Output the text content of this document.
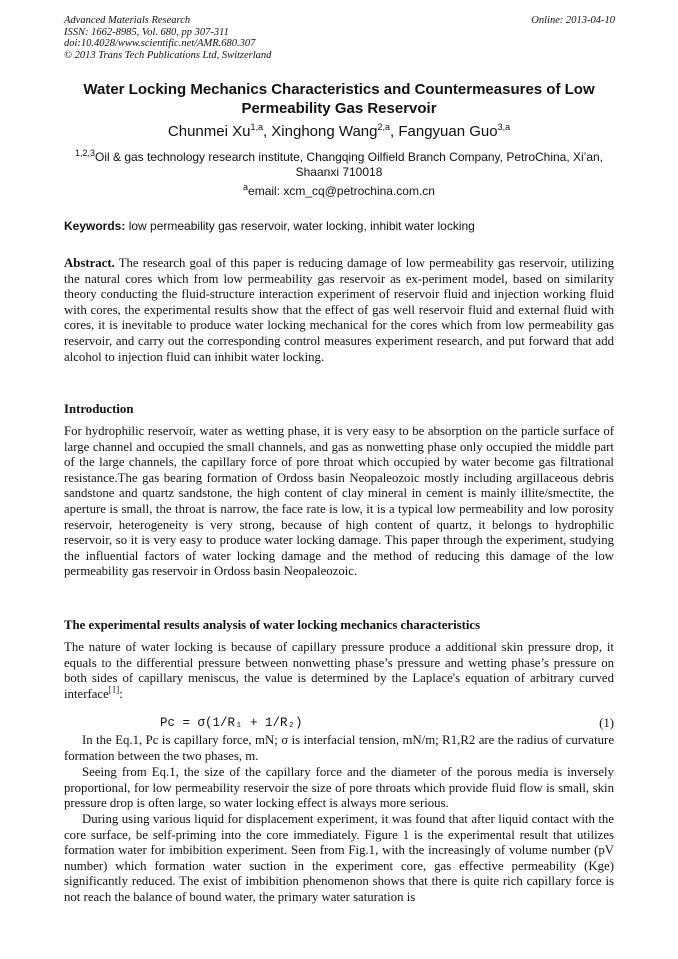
Advanced Materials Research
ISSN: 1662-8985, Vol. 680, pp 307-311
doi:10.4028/www.scientific.net/AMR.680.307
© 2013 Trans Tech Publications Ltd, Switzerland
Online: 2013-04-10
Water Locking Mechanics Characteristics and Countermeasures of Low Permeability Gas Reservoir
Chunmei Xu$^{1,a}$, Xinghong Wang$^{2,a}$, Fangyuan Guo$^{3,a}$
$^{1,2,3}$Oil & gas technology research institute, Changqing Oilfield Branch Company, PetroChina, Xi’an, Shaanxi 710018
$^a$email: xcm_cq@petrochina.com.cn
Keywords: low permeability gas reservoir, water locking, inhibit water locking
Abstract. The research goal of this paper is reducing damage of low permeability gas reservoir, utilizing the natural cores which from low permeability gas reservoir as ex-periment model, based on similarity theory conducting the fluid-structure interaction experiment of reservoir fluid and injection working fluid with cores, the experimental results show that the effect of gas well reservoir fluid and external fluid with cores, it is inevitable to produce water locking mechanical for the cores which from low permeability gas reservoir, and carry out the corresponding control measures experiment research, and put forward that add alcohol to injection fluid can inhibit water locking.
Introduction
For hydrophilic reservoir, water as wetting phase, it is very easy to be absorption on the particle surface of large channel and occupied the small channels, and gas as nonwetting phase only occupied the middle part of the large channels, the capillary force of pore throat which occupied by water become gas filtrational resistance.The gas bearing formation of Ordoss basin Neopaleozoic mostly including argillaceous debris sandstone and quartz sandstone, the high content of clay mineral in cement is mainly illite/smectite, the aperture is small, the throat is narrow, the face rate is low, it is a typical low permeability and low porosity reservoir, heterogeneity is very strong, because of high content of quartz, it belongs to hydrophilic reservoir, so it is very easy to produce water locking damage. This paper through the experiment, studying the influential factors of water locking damage and the method of reducing this damage of the low permeability gas reservoir in Ordoss basin Neopaleozoic.
The experimental results analysis of water locking mechanics characteristics
The nature of water locking is because of capillary pressure produce a additional skin pressure drop, it equals to the differential pressure between nonwetting phase’s pressure and wetting phase’s pressure on both sides of capillary meniscus, the value is determined by the Laplace's equation of arbitrary curved interface[1]:
Pc = σ(1/R₁ + 1/R₂)	(1)
In the Eq.1, Pc is capillary force, mN; σ is interfacial tension, mN/m; R1,R2 are the radius of curvature formation between the two phases, m.
Seeing from Eq.1, the size of the capillary force and the diameter of the porous media is inversely proportional, for low permeability reservoir the size of pore throats which provide fluid flow is small, skin pressure drop is often large, so water locking effect is always more serious.
During using various liquid for displacement experiment, it was found that after liquid contact with the core surface, be self-priming into the core immediately. Figure 1 is the experimental result that utilizes formation water for imbibition experiment. Seen from Fig.1, with the increasingly of volume number (pV number) which formation water suction in the experiment core, gas effective permeability (Kge) significantly reduced. The exist of imbibition phenomenon shows that there is quite rich capillary force is not reach the balance of bound water, the primary water saturation is
